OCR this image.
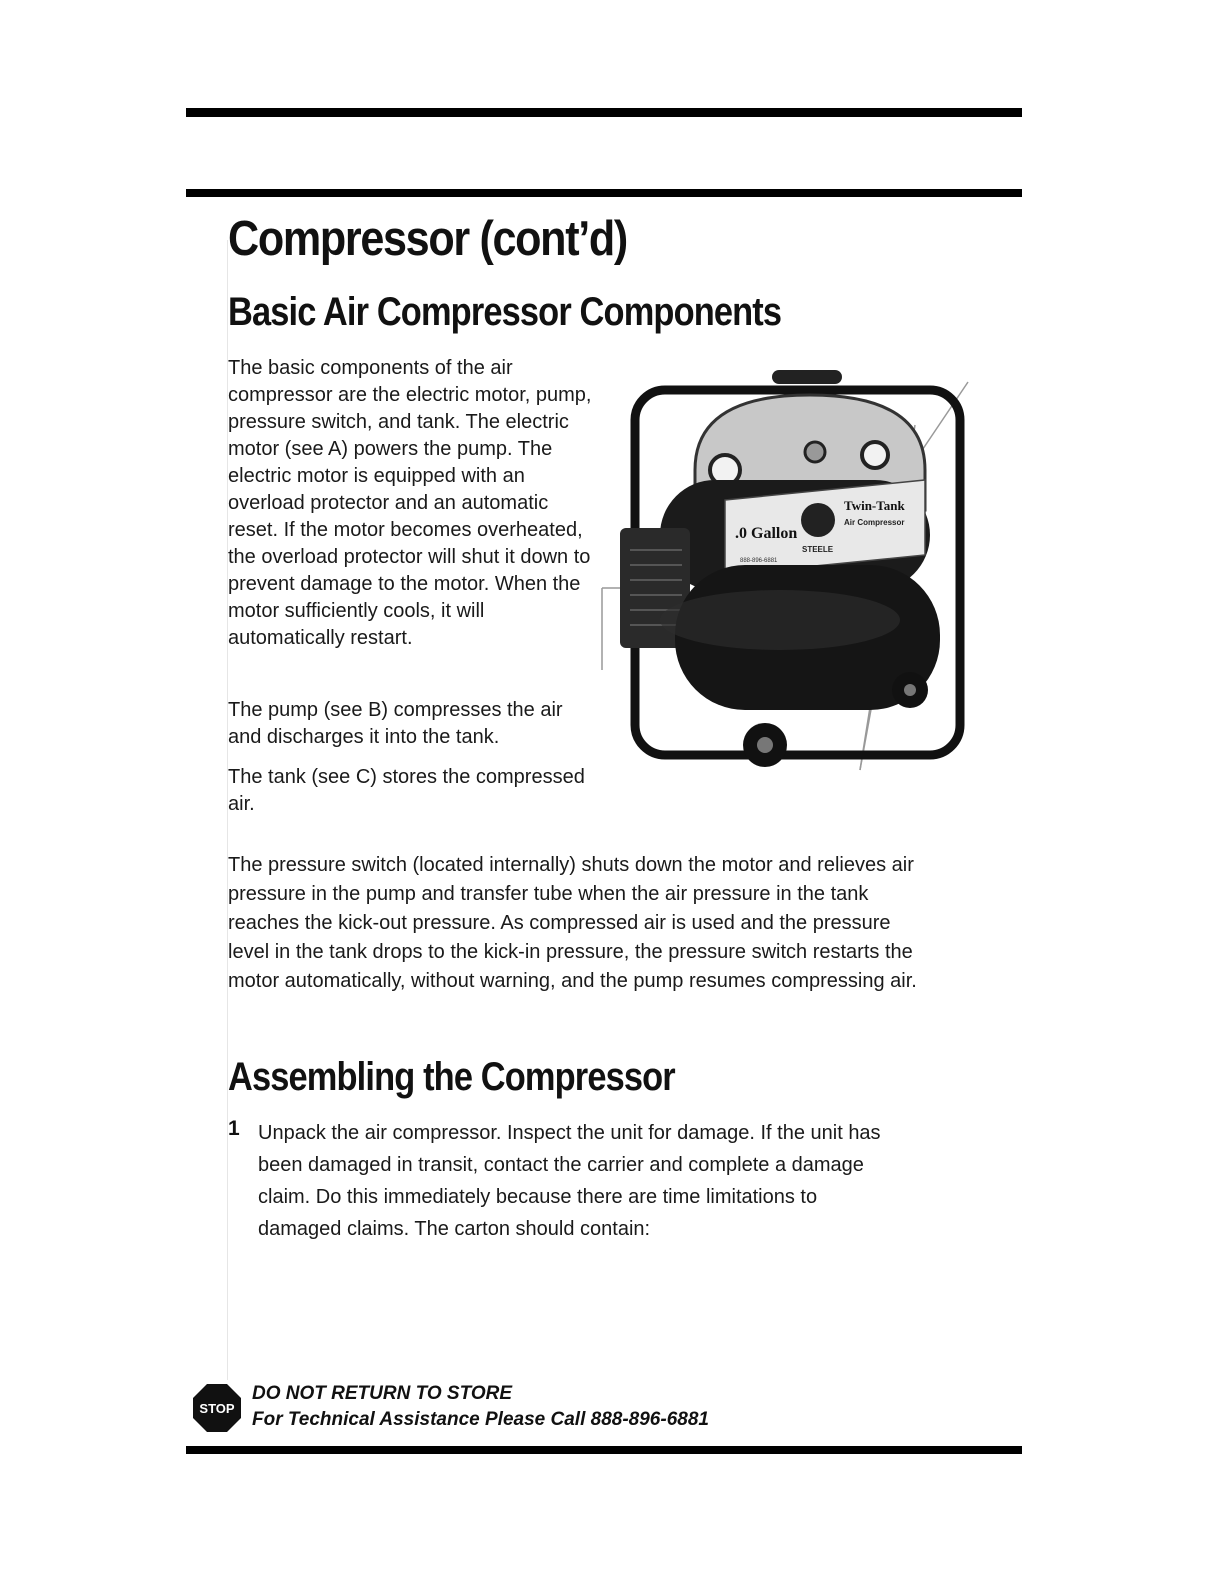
Compressor (cont’d)
Basic Air Compressor Components

The basic components of the air compressor are the electric motor, pump, pressure switch, and tank. The electric motor (see A) powers the pump. The electric motor is equipped with an overload protector and an automatic reset. If the motor becomes overheated, the overload protector will shut it down to prevent damage to the motor. When the motor sufficiently cools, it will automatically restart.

The pump (see B) compresses the air and discharges it into the tank.

The tank (see C) stores the compressed air.

The pressure switch (located internally) shuts down the motor and relieves air pressure in the pump and transfer tube when the air pressure in the tank reaches the kick-out pressure. As compressed air is used and the pressure level in the tank drops to the kick-in pressure, the pressure switch restarts the motor automatically, without warning, and the pump resumes compressing air.

.0 Gallon
STEELE
Twin-Tank
Air Compressor
888-896-6881
Assembling the Compressor
1 Unpack the air compressor. Inspect the unit for damage. If the unit has been damaged in transit, contact the carrier and complete a damage claim. Do this immediately because there are time limitations to damaged claims. The carton should contain:

STOP
DO NOT RETURN TO STORE
For Technical Assistance Please Call 888-896-6881
